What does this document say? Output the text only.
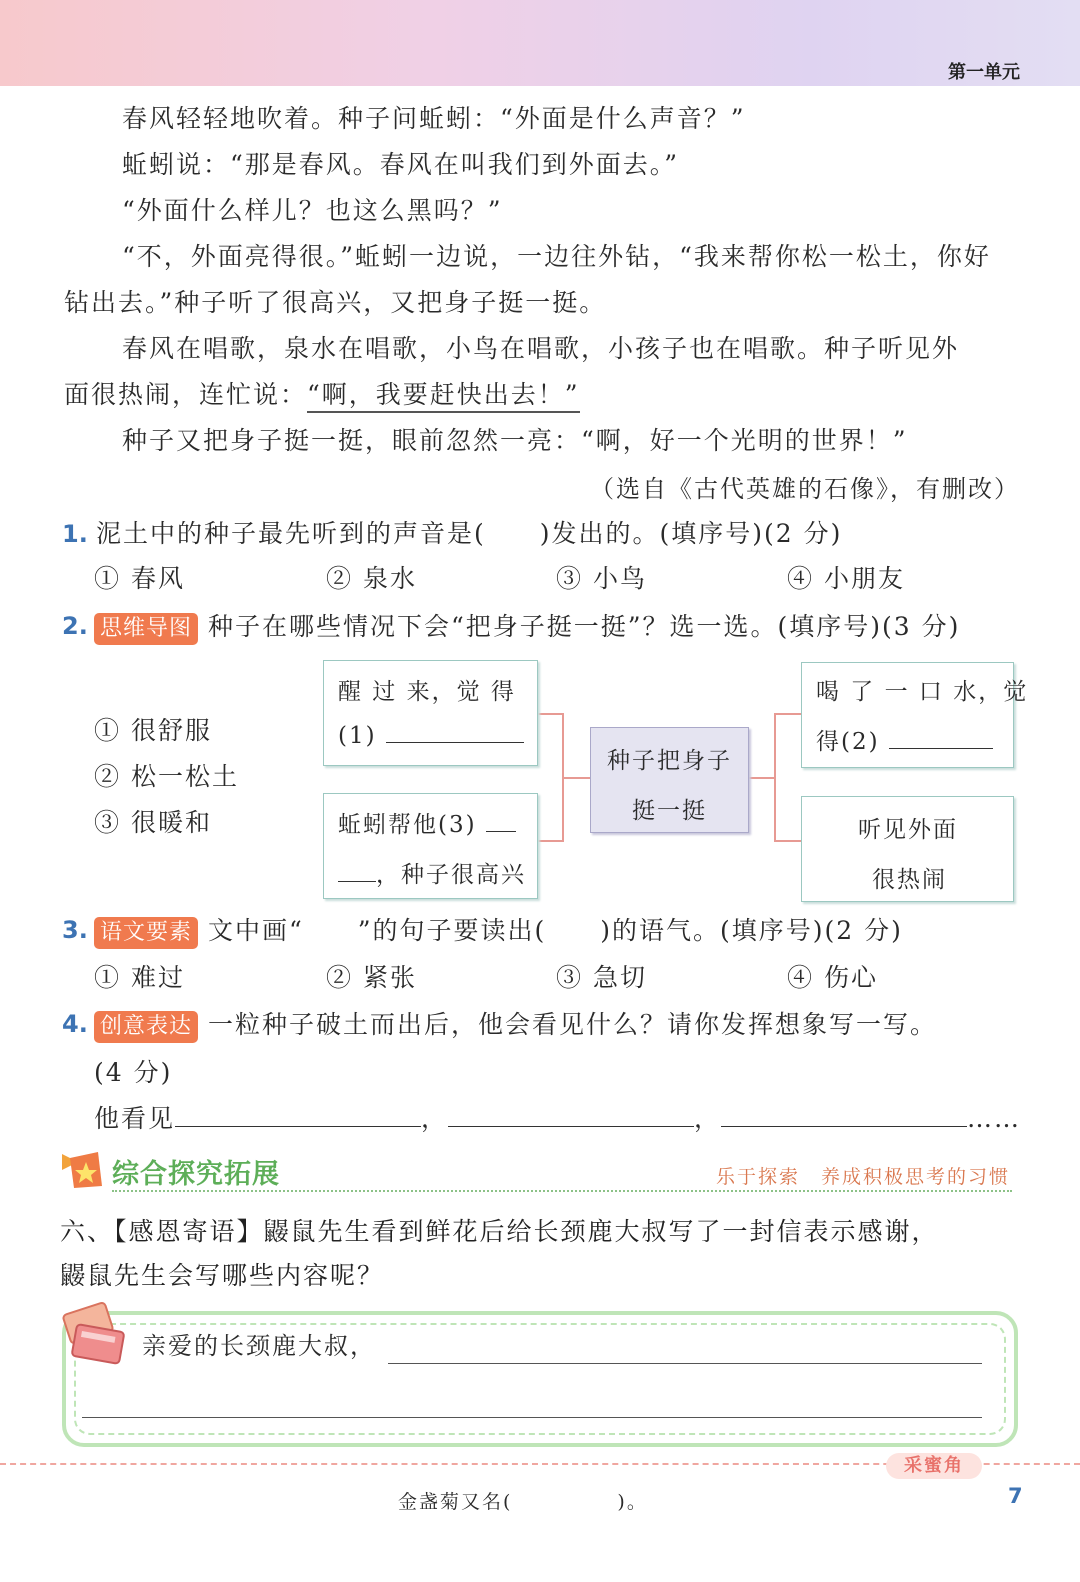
第一单元
春风轻轻地吹着。种子问蚯蚓：“外面是什么声音？”
蚯蚓说：“那是春风。春风在叫我们到外面去。”
“外面什么样儿？也这么黑吗？”
“不，外面亮得很。”蚯蚓一边说，一边往外钻，“我来帮你松一松土，你好
钻出去。”种子听了很高兴，又把身子挺一挺。
春风在唱歌，泉水在唱歌，小鸟在唱歌，小孩子也在唱歌。种子听见外
面很热闹，连忙说：“啊，我要赶快出去！”
种子又把身子挺一挺，眼前忽然一亮：“啊，好一个光明的世界！”
（选自《古代英雄的石像》，有删改）
1. 泥土中的种子最先听到的声音是(　　)发出的。(填序号)(2 分)
① 春风	② 泉水	③ 小鸟	④ 小朋友
2. 思维导图 种子在哪些情况下会“把身子挺一挺”？选一选。(填序号)(3 分)
① 很舒服
② 松一松土
③ 很暖和
醒 过 来，觉 得
(1)
蚯蚓帮他(3)
，种子很高兴
种子把身子
挺一挺
喝 了 一 口 水，觉
得(2)
听见外面
很热闹
3. 语文要素 文中画“　　”的句子要读出(　　)的语气。(填序号)(2 分)
① 难过	② 紧张	③ 急切	④ 伤心
4. 创意表达 一粒种子破土而出后，他会看见什么？请你发挥想象写一写。
(4 分)
他看见	，	，	……
综合探究拓展	乐于探索　 养成积极思考的习惯
六、【感恩寄语】鼹鼠先生看到鲜花后给长颈鹿大叔写了一封信表示感谢，
鼹鼠先生会写哪些内容呢？
亲爱的长颈鹿大叔，
采蜜角
金盏菊又名(　　　　　)。	7
